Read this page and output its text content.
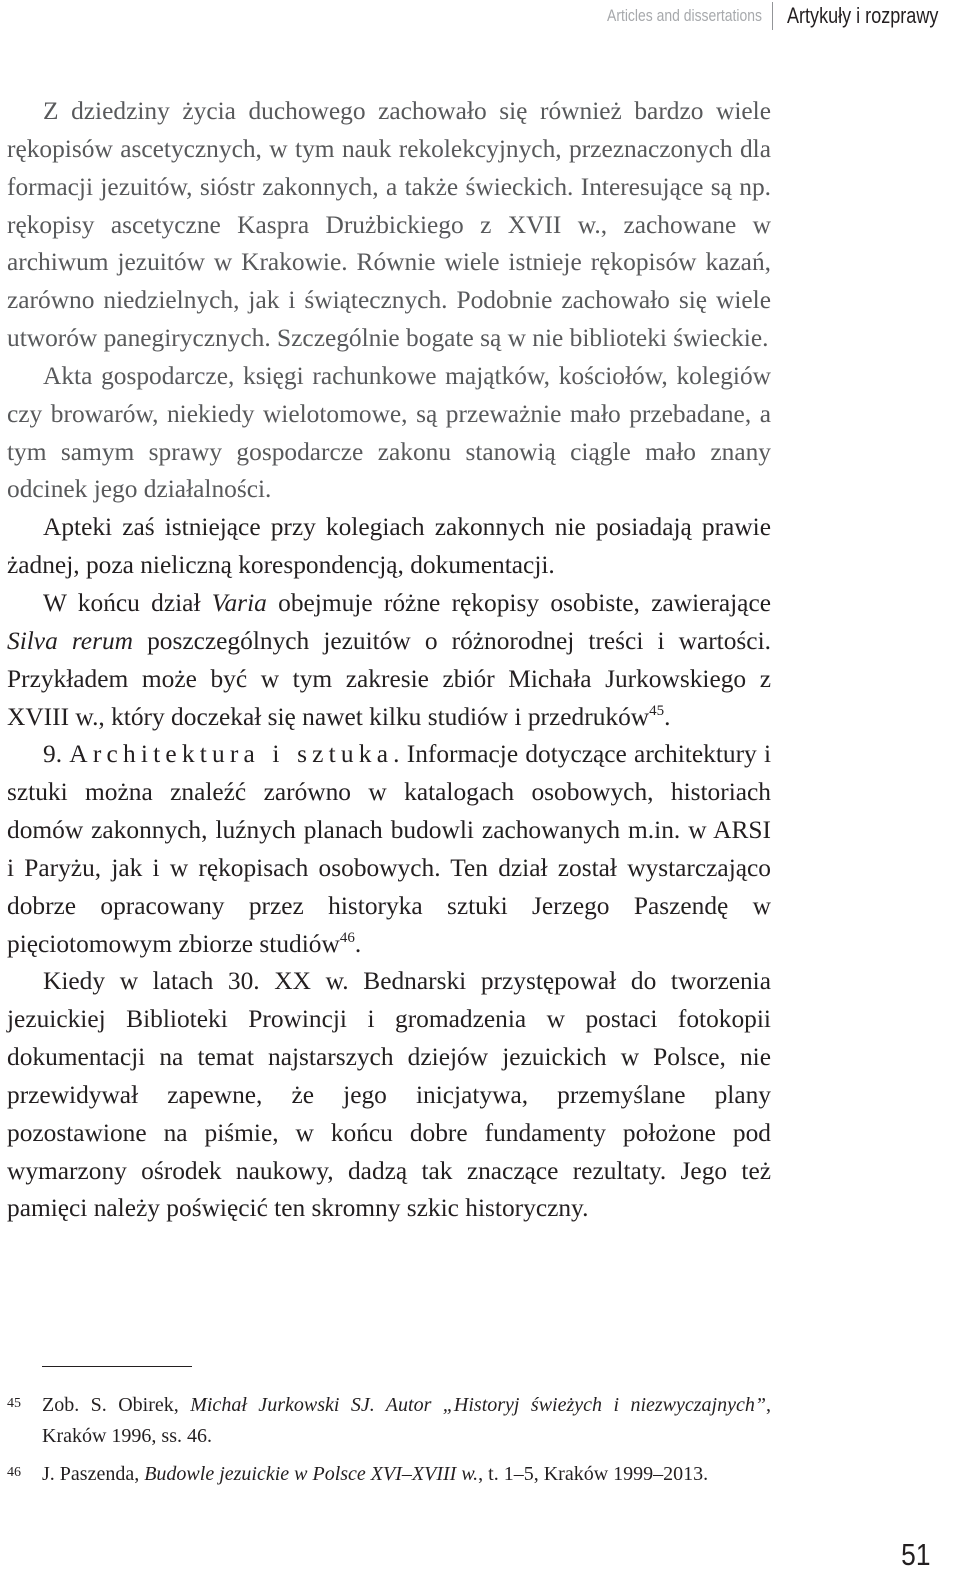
Articles and dissertations Artykuły i rozprawy

Z dziedziny życia duchowego zachowało się również bardzo wiele rękopisów ascetycznych, w tym nauk rekolekcyjnych, przeznaczonych dla formacji jezuitów, sióstr zakonnych, a także świeckich. Interesujące są np. rękopisy ascetyczne Kaspra Drużbickiego z XVII w., zachowane w archiwum jezuitów w Krakowie. Równie wiele istnieje rękopisów kazań, zarówno niedzielnych, jak i świątecznych. Podobnie zachowało się wiele utworów panegirycznych. Szczególnie bogate są w nie biblioteki świeckie.

Akta gospodarcze, księgi rachunkowe majątków, kościołów, kolegiów czy browarów, niekiedy wielotomowe, są przeważnie mało przebadane, a tym samym sprawy gospodarcze zakonu stanowią ciągle mało znany odcinek jego działalności.

Apteki zaś istniejące przy kolegiach zakonnych nie posiadają prawie żadnej, poza nieliczną korespondencją, dokumentacji.

W końcu dział Varia obejmuje różne rękopisy osobiste, zawierające Silva rerum poszczególnych jezuitów o różnorodnej treści i wartości. Przykładem może być w tym zakresie zbiór Michała Jurkowskiego z XVIII w., który doczekał się nawet kilku studiów i przedruków$^{45}$.

9. Architektura i sztuka. Informacje dotyczące architektury i sztuki można znaleźć zarówno w katalogach osobowych, historiach domów zakonnych, luźnych planach budowli zachowanych m.in. w ARSI i Paryżu, jak i w rękopisach osobowych. Ten dział został wystarczająco dobrze opracowany przez historyka sztuki Jerzego Paszendę w pięciotomowym zbiorze studiów$^{46}$.

Kiedy w latach 30. XX w. Bednarski przystępował do tworzenia jezuickiej Biblioteki Prowincji i gromadzenia w postaci fotokopii dokumentacji na temat najstarszych dziejów jezuickich w Polsce, nie przewidywał zapewne, że jego inicjatywa, przemyślane plany pozostawione na piśmie, w końcu dobre fundamenty położone pod wymarzony ośrodek naukowy, dadzą tak znaczące rezultaty. Jego też pamięci należy poświęcić ten skromny szkic historyczny.

45 Zob. S. Obirek, Michał Jurkowski SJ. Autor „Historyj świeżych i niezwyczajnych”, Kraków 1996, ss. 46.
46 J. Paszenda, Budowle jezuickie w Polsce XVI–XVIII w., t. 1–5, Kraków 1999–2013.
51
